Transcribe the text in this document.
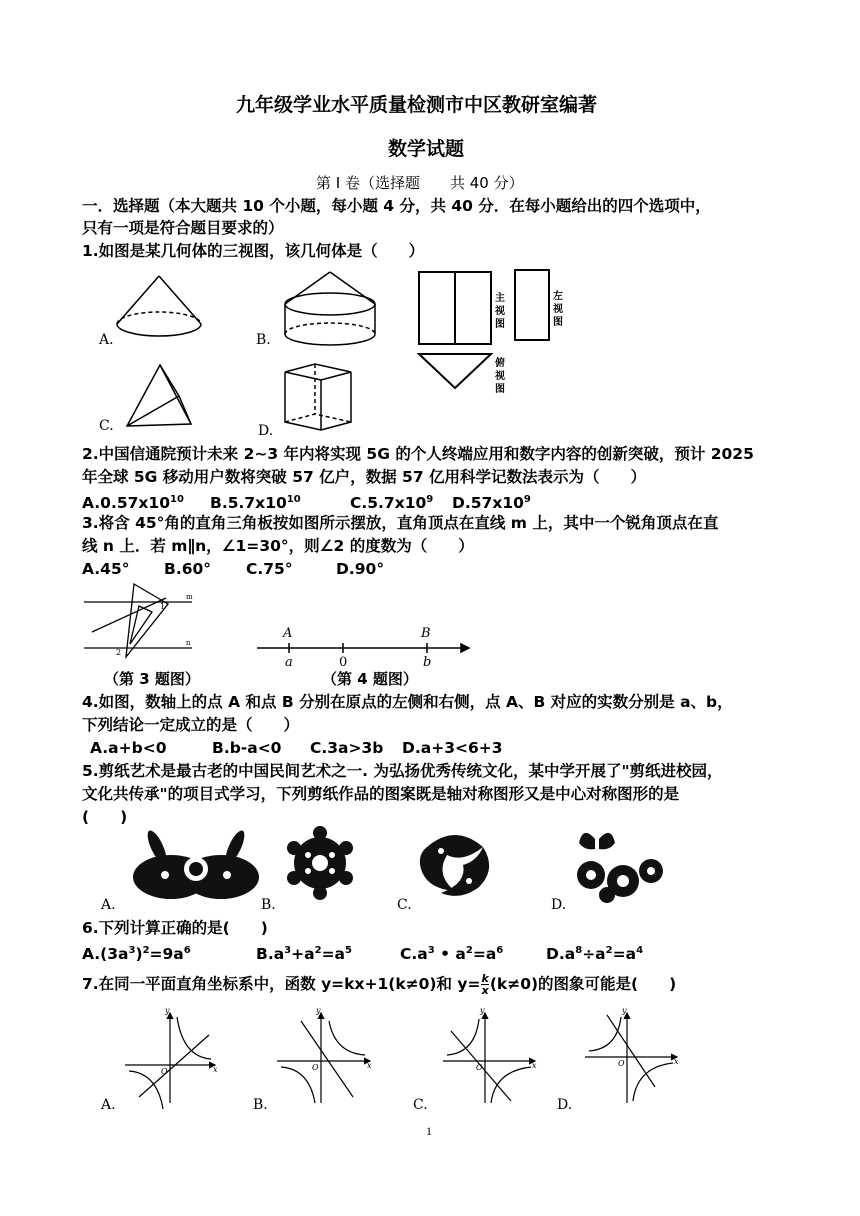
九年级学业水平质量检测市中区教研室编著
数学试题
第 I 卷（选择题　　共 40 分）
一．选择题（本大题共 10 个小题，每小题 4 分，共 40 分．在每小题给出的四个选项中，
只有一项是符合题目要求的）
1.如图是某几何体的三视图，该几何体是（　　）
A.	B.
C.	D.
主视图
左视图
俯视图
2.中国信通院预计未来 2~3 年内将实现 5G 的个人终端应用和数字内容的创新突破，预计 2025
年全球 5G 移动用户数将突破 57 亿户，数据 57 亿用科学记数法表示为（　　）
$A.0.57x10^{10}$ $B.5.7x10^{10}$	$C.5.7x10^9$ $D.57x10^9$
3.将含 45°角的直角三角板按如图所示摆放，直角顶点在直线 m 上，其中一个锐角顶点在直
线 n 上．若 m∥n，∠1=30°，则∠2 的度数为（　　）
A.45° B.60° C.75°	D.90°
m
n
1
2
（第 3 题图）
A	B
a	0	b
（第 4 题图）
4.如图，数轴上的点 A 和点 B 分别在原点的左侧和右侧，点 A、B 对应的实数分别是 a、b，
下列结论一定成立的是（　　）
A.a+b<0	B.b-a<0 C.3a>3b D.a+3<6+3
5.剪纸艺术是最古老的中国民间艺术之一. 为弘扬优秀传统文化，某中学开展了"剪纸进校园，
文化共传承"的项目式学习，下列剪纸作品的图案既是轴对称图形又是中心对称图形的是
(　　)
A.	B.	C.	D.
6.下列计算正确的是(　　)
$A.(3a^3)^2=9a^6$	$B.a^3+a^2=a^5$	$C.a^3$ • $a^2=a^6$	$D.a^8\div a^2=a^4$
7.在同一平面直角坐标系中，函数 y=kx+1(k≠0)和 $y= \frac{k}{x} (k\ne 0)$的图象可能是(　　)
y
x
O
A.
y
x
O
B.
y
x
O
C.
y
x
O
D.
1
